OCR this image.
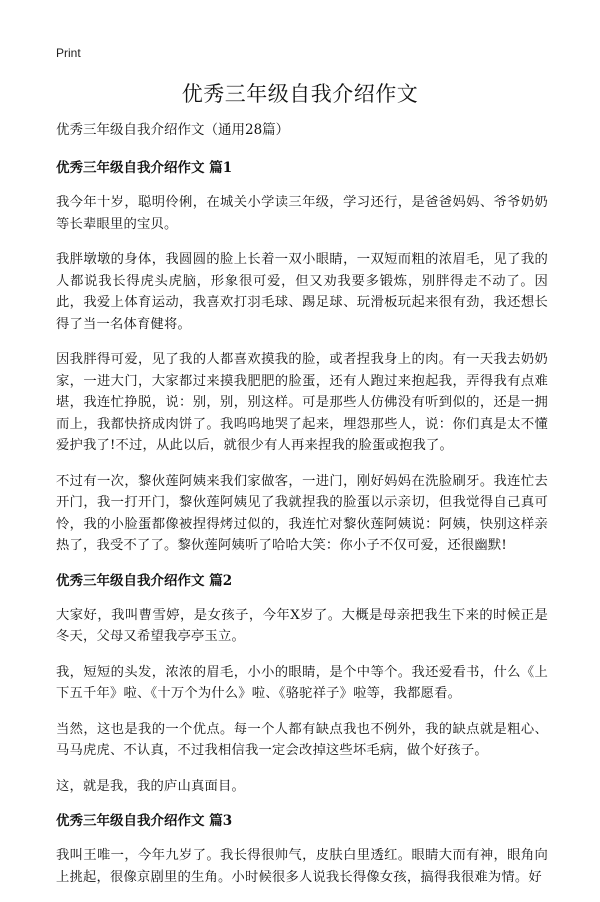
Print
优秀三年级自我介绍作文

优秀三年级自我介绍作文（通用28篇）

优秀三年级自我介绍作文 篇1

我今年十岁，聪明伶俐，在城关小学读三年级，学习还行，是爸爸妈妈、爷爷奶奶等长辈眼里的宝贝。

我胖墩墩的身体，我圆圆的脸上长着一双小眼睛，一双短而粗的浓眉毛，见了我的人都说我长得虎头虎脑，形象很可爱，但又劝我要多锻炼，别胖得走不动了。因此，我爱上体育运动，我喜欢打羽毛球、踢足球、玩滑板玩起来很有劲，我还想长得了当一名体育健将。

因我胖得可爱，见了我的人都喜欢摸我的脸，或者捏我身上的肉。有一天我去奶奶家，一进大门，大家都过来摸我肥肥的脸蛋，还有人跑过来抱起我，弄得我有点难堪，我连忙挣脱，说：别，别，别这样。可是那些人仿佛没有听到似的，还是一拥而上，我都快挤成肉饼了。我呜呜地哭了起来，埋怨那些人，说：你们真是太不懂爱护我了!不过，从此以后，就很少有人再来捏我的脸蛋或抱我了。

不过有一次，黎伙莲阿姨来我们家做客，一进门，刚好妈妈在洗脸刷牙。我连忙去开门，我一打开门，黎伙莲阿姨见了我就捏我的脸蛋以示亲切，但我觉得自己真可怜，我的小脸蛋都像被捏得烤过似的，我连忙对黎伙莲阿姨说：阿姨，快别这样亲热了，我受不了了。黎伙莲阿姨听了哈哈大笑：你小子不仅可爱，还很幽默!

优秀三年级自我介绍作文 篇2

大家好，我叫曹雪婷，是女孩子，今年X岁了。大概是母亲把我生下来的时候正是冬天，父母又希望我亭亭玉立。

我，短短的头发，浓浓的眉毛，小小的眼睛，是个中等个。我还爱看书，什么《上下五千年》啦、《十万个为什么》啦、《骆驼祥子》啦等，我都愿看。

当然，这也是我的一个优点。每一个人都有缺点我也不例外，我的缺点就是粗心、马马虎虎、不认真，不过我相信我一定会改掉这些坏毛病，做个好孩子。

这，就是我，我的庐山真面目。

优秀三年级自我介绍作文 篇3

我叫王唯一，今年九岁了。我长得很帅气，皮肤白里透红。眼睛大而有神，眼角向上挑起，很像京剧里的生角。小时候很多人说我长得像女孩，搞得我很难为情。好
